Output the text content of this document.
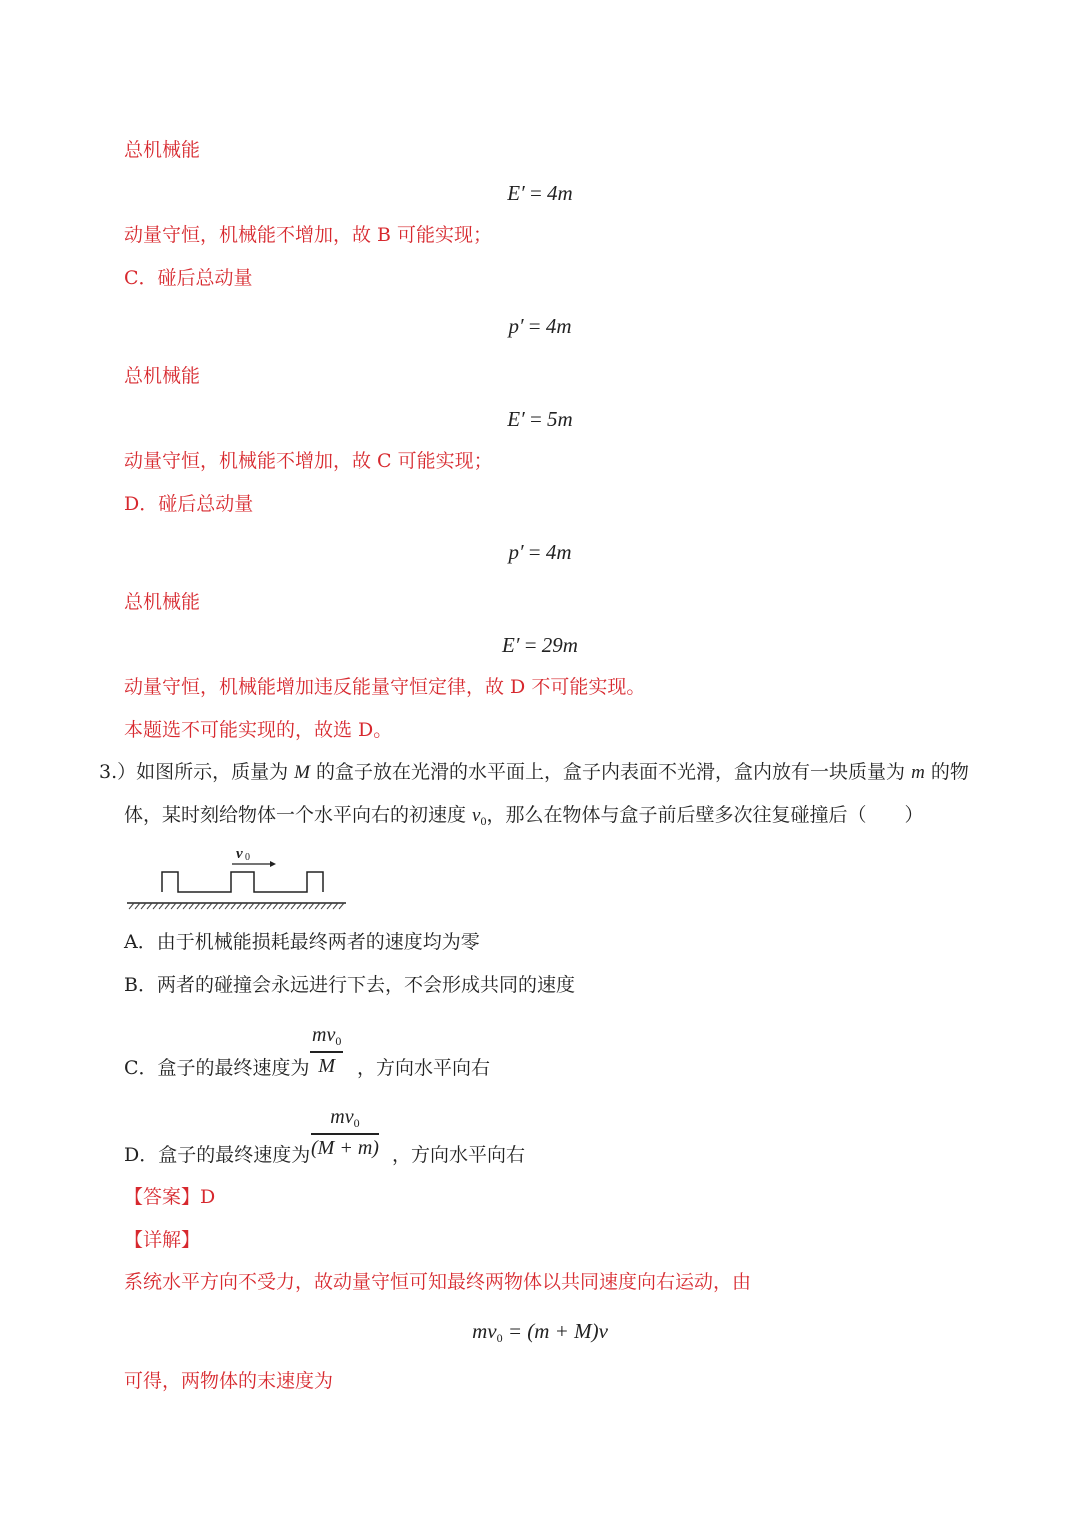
总机械能
E′ = 4m
动量守恒，机械能不增加，故 B 可能实现；
C．碰后总动量
p′ = 4m
总机械能
E′ = 5m
动量守恒，机械能不增加，故 C 可能实现；
D．碰后总动量
p′ = 4m
总机械能
E′ = 29m
动量守恒，机械能增加违反能量守恒定律，故 D 不可能实现。
本题选不可能实现的，故选 D。
3.）如图所示，质量为 M 的盒子放在光滑的水平面上，盒子内表面不光滑，盒内放有一块质量为 m 的物
体，某时刻给物体一个水平向右的初速度 $v_0$，那么在物体与盒子前后壁多次往复碰撞后（　　）
v 0
A．由于机械能损耗最终两者的速度均为零
B．两者的碰撞会永远进行下去，不会形成共同的速度
C．盒子的最终速度为
$mv_0$
M	，方向水平向右
D．盒子的最终速度为
$mv_0$
(M + m) ，方向水平向右
【答案】D
【详解】
系统水平方向不受力，故动量守恒可知最终两物体以共同速度向右运动，由
$mv_0 = (m + M)v$
可得，两物体的末速度为
